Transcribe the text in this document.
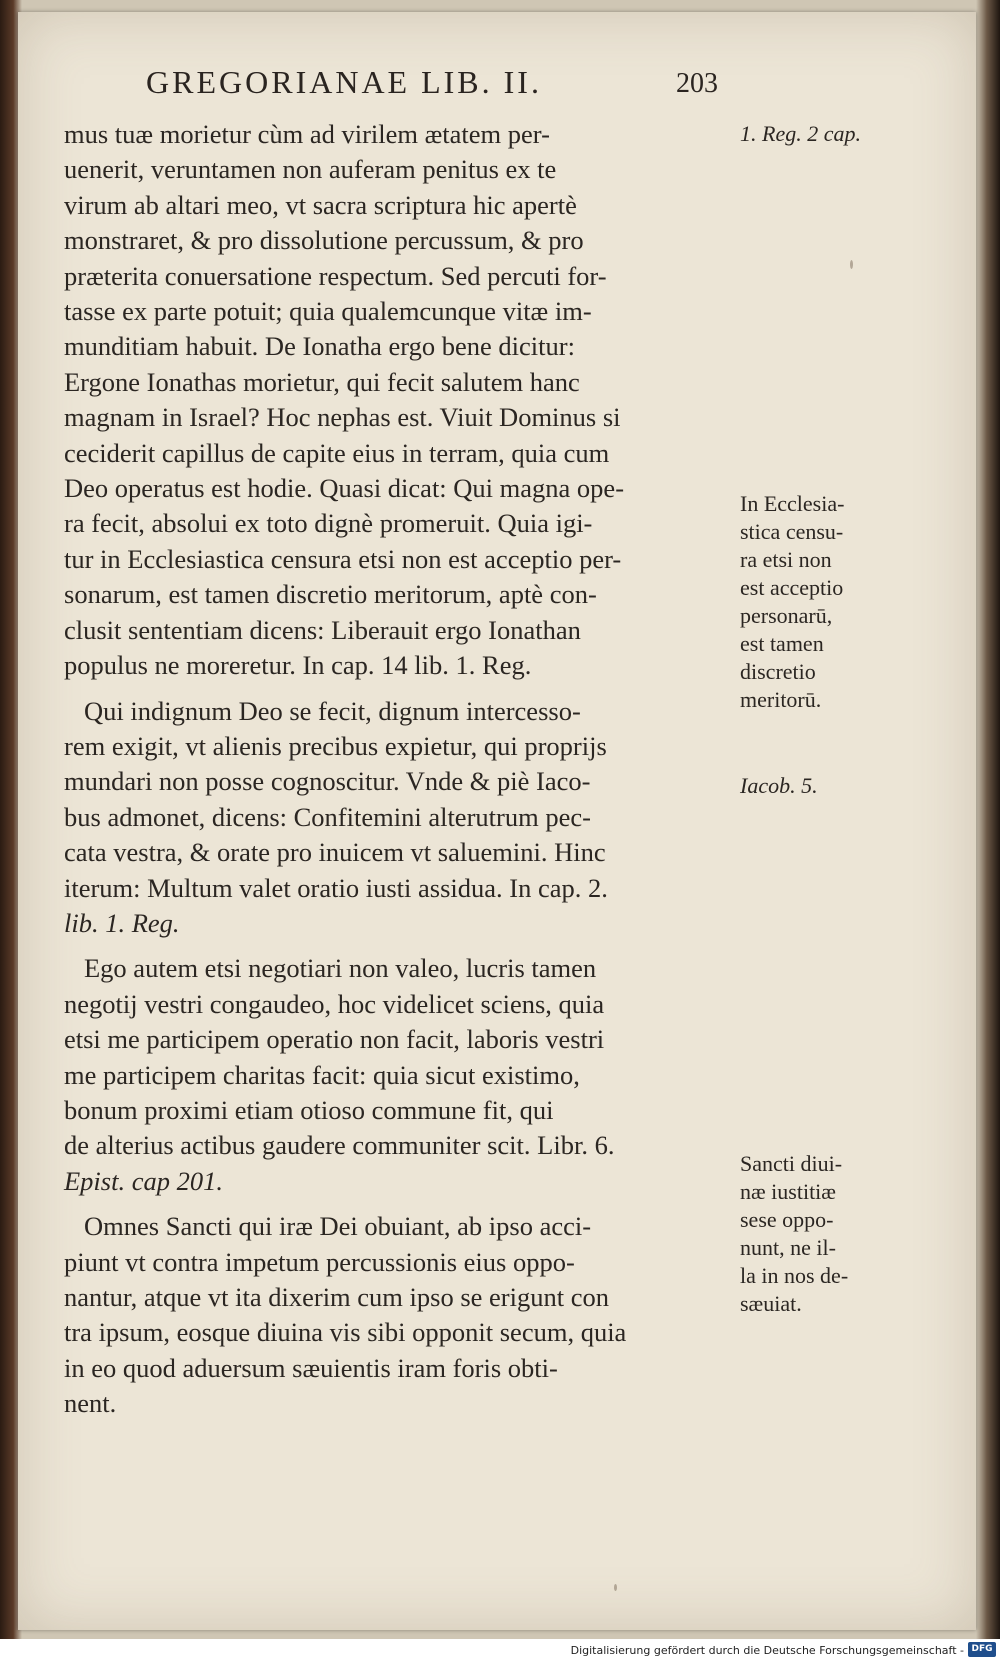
GREGORIANAE LIB. II.	203

mus tuæ morietur cùm ad virilem ætatem per-
uenerit, veruntamen non auferam penitus ex te
virum ab altari meo, vt sacra scriptura hic apertè
monstraret, & pro dissolutione percussum, & pro
præterita conuersatione respectum. Sed percuti for-
tasse ex parte potuit; quia qualemcunque vitæ im-
munditiam habuit. De Ionatha ergo bene dicitur:
Ergone Ionathas morietur, qui fecit salutem hanc
magnam in Israel? Hoc nephas est. Viuit Dominus si
ceciderit capillus de capite eius in terram, quia cum
Deo operatus est hodie. Quasi dicat: Qui magna ope-
ra fecit, absolui ex toto dignè promeruit. Quia igi-
tur in Ecclesiastica censura etsi non est acceptio per-
sonarum, est tamen discretio meritorum, aptè con-
clusit sententiam dicens: Liberauit ergo Ionathan
populus ne moreretur. In cap. 14 lib. 1. Reg.

Qui indignum Deo se fecit, dignum intercesso-
rem exigit, vt alienis precibus expietur, qui proprijs
mundari non posse cognoscitur. Vnde & piè Iaco-
bus admonet, dicens: Confitemini alterutrum pec-
cata vestra, & orate pro inuicem vt saluemini. Hinc
iterum: Multum valet oratio iusti assidua. In cap. 2.
lib. 1. Reg.

Ego autem etsi negotiari non valeo, lucris tamen
negotij vestri congaudeo, hoc videlicet sciens, quia
etsi me participem operatio non facit, laboris vestri
me participem charitas facit: quia sicut existimo,
bonum proximi etiam otioso commune fit, qui
de alterius actibus gaudere communiter scit. Libr. 6.
Epist. cap 201.

Omnes Sancti qui iræ Dei obuiant, ab ipso acci-
piunt vt contra impetum percussionis eius oppo-
nantur, atque vt ita dixerim cum ipso se erigunt con
tra ipsum, eosque diuina vis sibi opponit secum, quia
in eo quod aduersum sæuientis iram foris obti-
nent.

1. Reg. 2 cap.
In Ecclesia-
stica censu-
ra etsi non
est acceptio
personarū,
est tamen
discretio
meritorū.
Iacob. 5.
Sancti diui-
næ iustitiæ
sese oppo-
nunt, ne il-
la in nos de-
sæuiat.
Digitalisierung gefördert durch die Deutsche Forschungsgemeinschaft - DFG
